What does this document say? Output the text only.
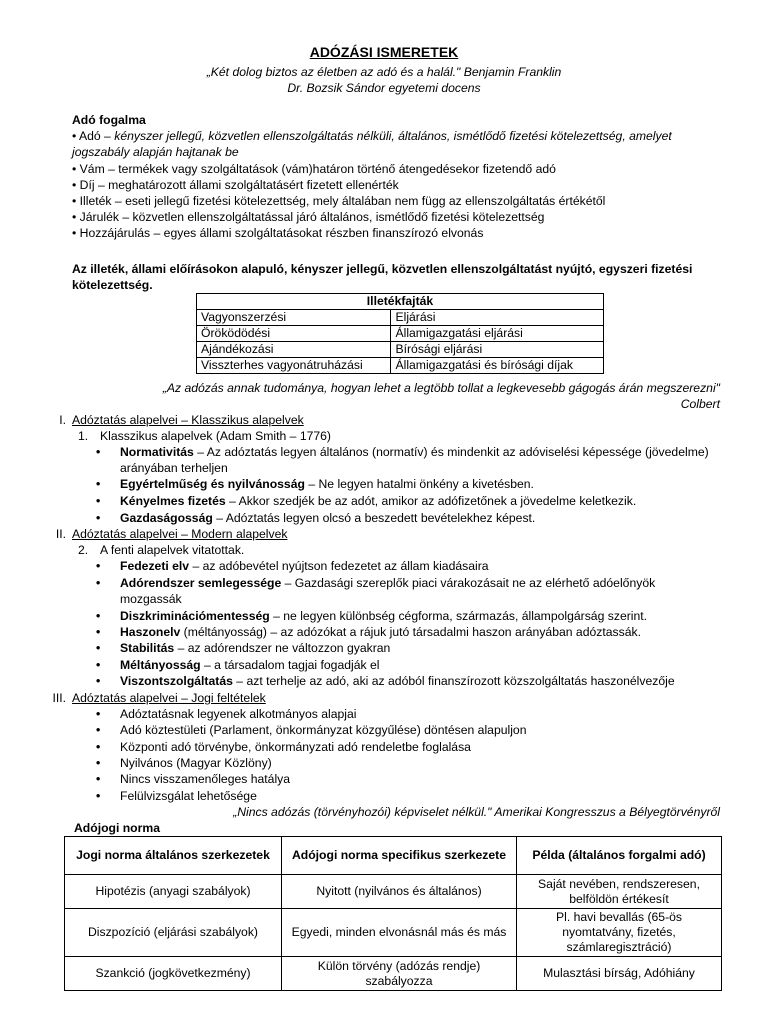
ADÓZÁSI ISMERETEK
„Két dolog biztos az életben az adó és a halál." Benjamin Franklin
Dr. Bozsik Sándor egyetemi docens

Adó fogalma

• Adó – kényszer jellegű, közvetlen ellenszolgáltatás nélküli, általános, ismétlődő fizetési kötelezettség, amelyet jogszabály alapján hajtanak be

• Vám – termékek vagy szolgáltatások (vám)határon történő átengedésekor fizetendő adó

• Díj – meghatározott állami szolgáltatásért fizetett ellenérték

• Illeték – eseti jellegű fizetési kötelezettség, mely általában nem függ az ellenszolgáltatás értékétől

• Járulék – közvetlen ellenszolgáltatással járó általános, ismétlődő fizetési kötelezettség

• Hozzájárulás – egyes állami szolgáltatásokat részben finanszírozó elvonás

Az illeték, állami előírásokon alapuló, kényszer jellegű, közvetlen ellenszolgáltatást nyújtó, egyszeri fizetési kötelezettség.
Illetékfajták	
Vagyonszerzési	Eljárási
Öröködödési	Államigazgatási eljárási
Ajándékozási	Bírósági eljárási
Visszterhes vagyonátruházási	Államigazgatási és bírósági díjak
„Az adózás annak tudománya, hogyan lehet a legtöbb tollat a legkevesebb gágogás árán megszerezni"
Colbert
I. Adóztatás alapelvei – Klasszikus alapelvek
1. Klasszikus alapelvek (Adam Smith – 1776)
• Normativitás – Az adóztatás legyen általános (normatív) és mindenkit az adóviselési képessége (jövedelme) arányában terheljen
• Egyértelműség és nyilvánosság – Ne legyen hatalmi önkény a kivetésben.
• Kényelmes fizetés – Akkor szedjék be az adót, amikor az adófizetőnek a jövedelme keletkezik.
• Gazdaságosság – Adóztatás legyen olcsó a beszedett bevételekhez képest.
II. Adóztatás alapelvei – Modern alapelvek
2. A fenti alapelvek vitatottak.
• Fedezeti elv – az adóbevétel nyújtson fedezetet az állam kiadásaira
• Adórendszer semlegessége – Gazdasági szereplők piaci várakozásait ne az elérhető adóelőnyök mozgassák
• Diszkriminációmentesség – ne legyen különbség cégforma, származás, állampolgárság szerint.
• Haszonelv (méltányosság) – az adózókat a rájuk jutó társadalmi haszon arányában adóztassák.
• Stabilitás – az adórendszer ne változzon gyakran
• Méltányosság – a társadalom tagjai fogadják el
• Viszontszolgáltatás – azt terhelje az adó, aki az adóból finanszírozott közszolgáltatás haszonélvezője
III. Adóztatás alapelvei – Jogi feltételek
• Adóztatásnak legyenek alkotmányos alapjai
• Adó köztestületi (Parlament, önkormányzat közgyűlése) döntésen alapuljon
• Központi adó törvénybe, önkormányzati adó rendeletbe foglalása
• Nyilvános (Magyar Közlöny)
• Nincs visszamenőleges hatálya
• Felülvizsgálat lehetősége
„Nincs adózás (törvényhozói) képviselet nélkül." Amerikai Kongresszus a Bélyegtörvényről
Adójogi norma
Jogi norma általános szerkezetek	Adójogi norma specifikus szerkezete	Példa (általános forgalmi adó)
Hipotézis (anyagi szabályok)	Nyitott (nyilvános és általános)	Saját nevében, rendszeresen, belföldön értékesít
Diszpozíció (eljárási szabályok)	Egyedi, minden elvonásnál más és más	Pl. havi bevallás (65-ös nyomtatvány, fizetés, számlaregisztráció)
Szankció (jogkövetkezmény)	Külön törvény (adózás rendje) szabályozza	Mulasztási bírság, Adóhiány
